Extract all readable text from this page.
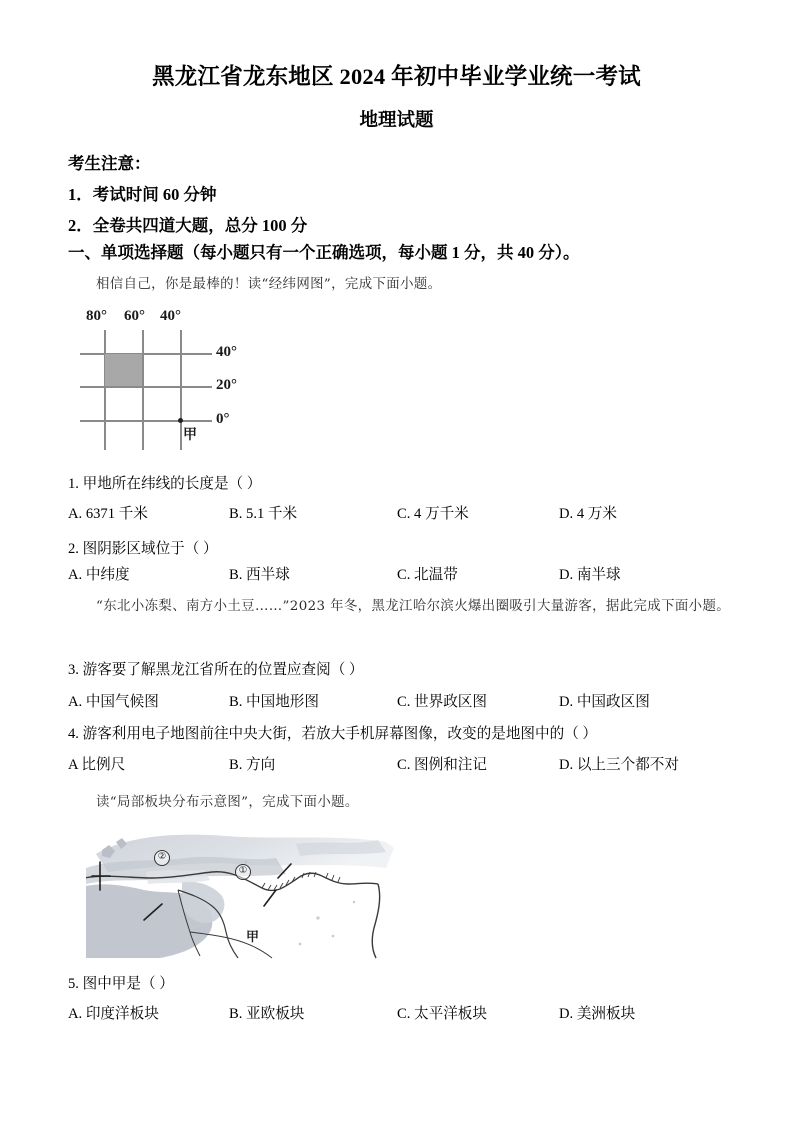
黑龙江省龙东地区 2024 年初中毕业学业统一考试
地理试题
考生注意：
1．考试时间 60 分钟
2．全卷共四道大题，总分 100 分
一、单项选择题（每小题只有一个正确选项，每小题 1 分，共 40 分）。
相信自己，你是最棒的！读“经纬网图”，完成下面小题。
80° 60° 40°
40°
20°
0°
甲
1. 甲地所在纬线的长度是（ ）
A. 6371 千米	B. 5.1 千米	C. 4 万千米	D. 4 万米
2. 图阴影区域位于（ ）
A. 中纬度	B. 西半球	C. 北温带	D. 南半球
“东北小冻梨、南方小土豆……”2023 年冬，黑龙江哈尔滨火爆出圈吸引大量游客，据此完成下面小题。
3. 游客要了解黑龙江省所在的位置应查阅（ ）
A. 中国气候图	B. 中国地形图	C. 世界政区图	D. 中国政区图
4. 游客利用电子地图前往中央大街，若放大手机屏幕图像，改变的是地图中的（ ）
A 比例尺	B. 方向	C. 图例和注记	D. 以上三个都不对
读“局部板块分布示意图”，完成下面小题。
①
②
甲
5. 图中甲是（ ）
A. 印度洋板块	B. 亚欧板块	C. 太平洋板块	D. 美洲板块
